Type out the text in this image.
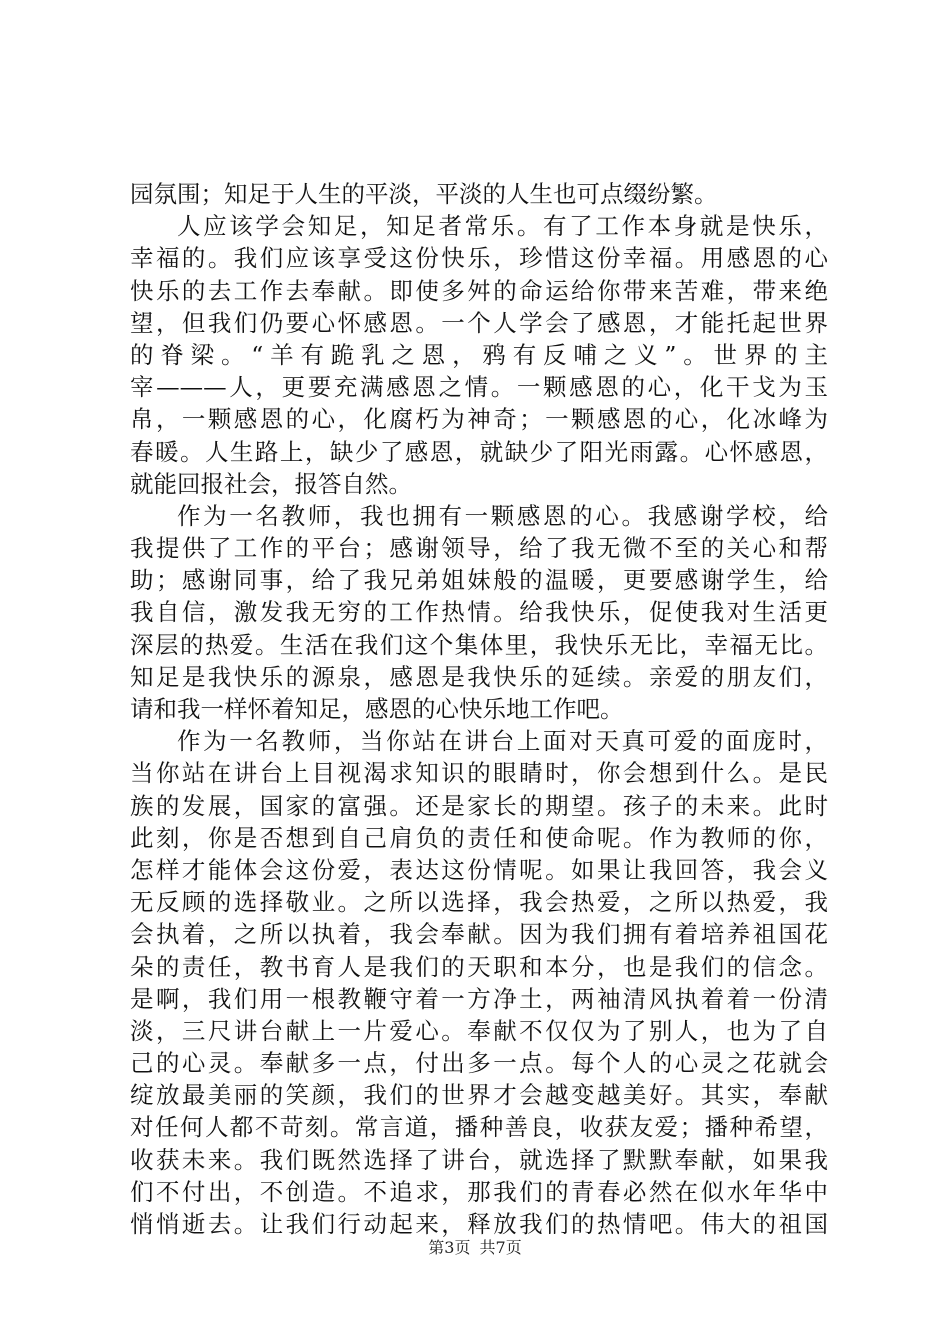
园氛围；知足于人生的平淡，平淡的人生也可点缀纷繁。
人应该学会知足，知足者常乐。有了工作本身就是快乐，
幸福的。我们应该享受这份快乐，珍惜这份幸福。用感恩的心
快乐的去工作去奉献。即使多舛的命运给你带来苦难，带来绝
望，但我们仍要心怀感恩。一个人学会了感恩，才能托起世界
的脊梁。“羊有跪乳之恩，鸦有反哺之义”。世界的主
宰———人，更要充满感恩之情。一颗感恩的心，化干戈为玉
帛，一颗感恩的心，化腐朽为神奇；一颗感恩的心，化冰峰为
春暖。人生路上，缺少了感恩，就缺少了阳光雨露。心怀感恩，
就能回报社会，报答自然。
作为一名教师，我也拥有一颗感恩的心。我感谢学校，给
我提供了工作的平台；感谢领导，给了我无微不至的关心和帮
助；感谢同事，给了我兄弟姐妹般的温暖，更要感谢学生，给
我自信，激发我无穷的工作热情。给我快乐，促使我对生活更
深层的热爱。生活在我们这个集体里，我快乐无比，幸福无比。
知足是我快乐的源泉，感恩是我快乐的延续。亲爱的朋友们，
请和我一样怀着知足，感恩的心快乐地工作吧。
作为一名教师，当你站在讲台上面对天真可爱的面庞时，
当你站在讲台上目视渴求知识的眼睛时，你会想到什么。是民
族的发展，国家的富强。还是家长的期望。孩子的未来。此时
此刻，你是否想到自己肩负的责任和使命呢。作为教师的你，
怎样才能体会这份爱，表达这份情呢。如果让我回答，我会义
无反顾的选择敬业。之所以选择，我会热爱，之所以热爱，我
会执着，之所以执着，我会奉献。因为我们拥有着培养祖国花
朵的责任，教书育人是我们的天职和本分，也是我们的信念。
是啊，我们用一根教鞭守着一方净土，两袖清风执着着一份清
淡，三尺讲台献上一片爱心。奉献不仅仅为了别人，也为了自
己的心灵。奉献多一点，付出多一点。每个人的心灵之花就会
绽放最美丽的笑颜，我们的世界才会越变越美好。其实，奉献
对任何人都不苛刻。常言道，播种善良，收获友爱；播种希望，
收获未来。我们既然选择了讲台，就选择了默默奉献，如果我
们不付出，不创造。不追求，那我们的青春必然在似水年华中
悄悄逝去。让我们行动起来，释放我们的热情吧。伟大的祖国
第3页 共7页
